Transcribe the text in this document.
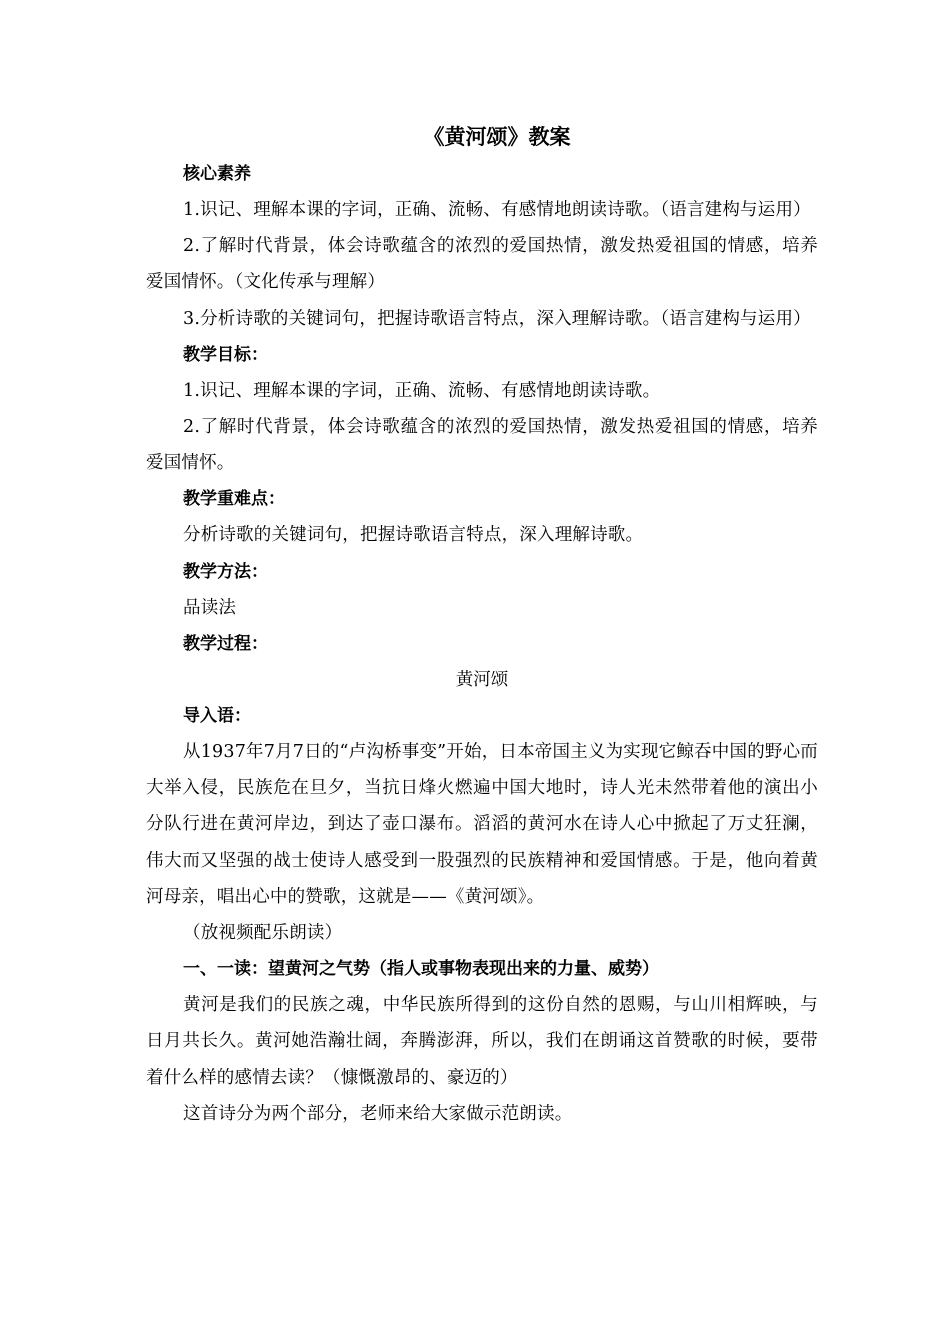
《黄河颂》教案
核心素养

1.识记、理解本课的字词，正确、流畅、有感情地朗读诗歌。（语言建构与运用）

2.了解时代背景，体会诗歌蕴含的浓烈的爱国热情，激发热爱祖国的情感，培养爱国情怀。（文化传承与理解）

3.分析诗歌的关键词句，把握诗歌语言特点，深入理解诗歌。（语言建构与运用）

教学目标：

1.识记、理解本课的字词，正确、流畅、有感情地朗读诗歌。

2.了解时代背景，体会诗歌蕴含的浓烈的爱国热情，激发热爱祖国的情感，培养爱国情怀。

教学重难点：

分析诗歌的关键词句，把握诗歌语言特点，深入理解诗歌。

教学方法：

品读法

教学过程：

黄河颂

导入语：

从1937年7月7日的“卢沟桥事变”开始，日本帝国主义为实现它鲸吞中国的野心而大举入侵，民族危在旦夕，当抗日烽火燃遍中国大地时，诗人光未然带着他的演出小分队行进在黄河岸边，到达了壶口瀑布。滔滔的黄河水在诗人心中掀起了万丈狂澜，伟大而又坚强的战士使诗人感受到一股强烈的民族精神和爱国情感。于是，他向着黄河母亲，唱出心中的赞歌，这就是——《黄河颂》。

（放视频配乐朗读）

一、一读：望黄河之气势（指人或事物表现出来的力量、威势）

黄河是我们的民族之魂，中华民族所得到的这份自然的恩赐，与山川相辉映，与日月共长久。黄河她浩瀚壮阔，奔腾澎湃，所以，我们在朗诵这首赞歌的时候，要带着什么样的感情去读？（慷慨激昂的、豪迈的）

这首诗分为两个部分，老师来给大家做示范朗读。
